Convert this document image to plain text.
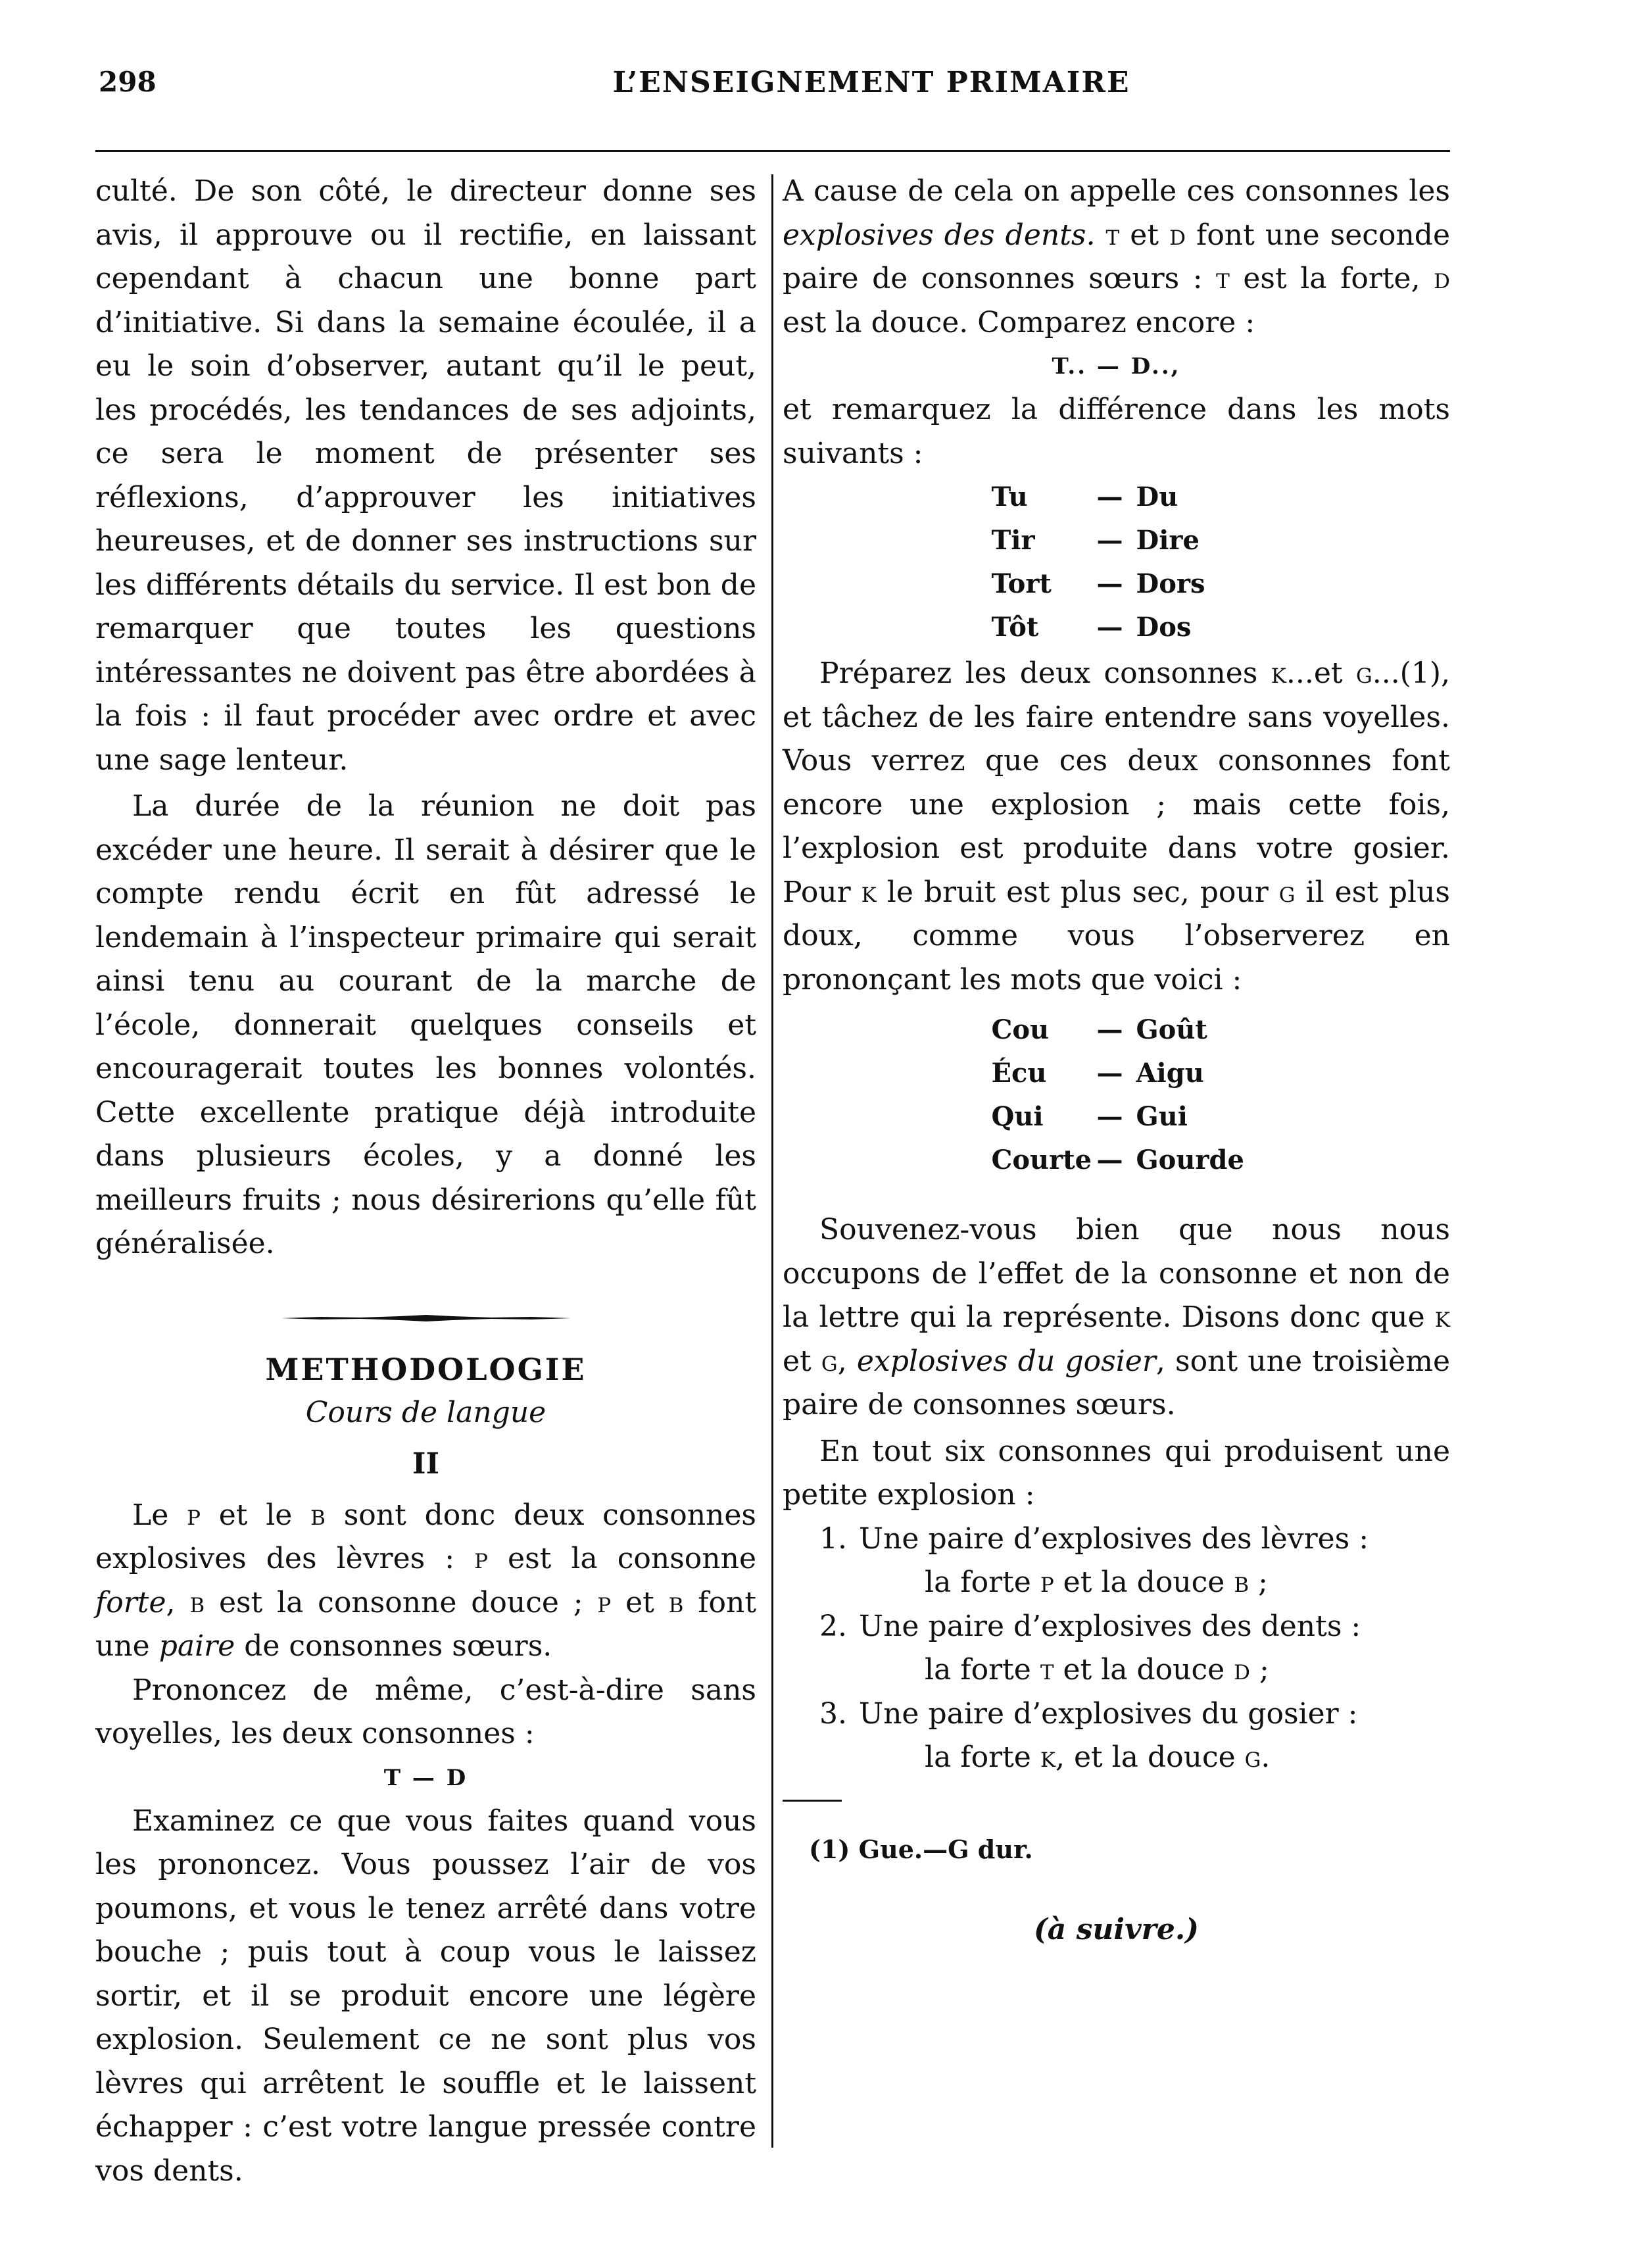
298	L’ENSEIGNEMENT PRIMAIRE

culté. De son côté, le directeur donne ses avis, il approuve ou il rectifie, en laissant cependant à chacun une bonne part d’initiative. Si dans la semaine écoulée, il a eu le soin d’observer, autant qu’il le peut, les procédés, les tendances de ses adjoints, ce sera le moment de présenter ses réflexions, d’approuver les initiatives heureuses, et de donner ses instructions sur les différents détails du service. Il est bon de remarquer que toutes les questions intéressantes ne doivent pas être abordées à la fois : il faut procéder avec ordre et avec une sage lenteur.

La durée de la réunion ne doit pas excéder une heure. Il serait à désirer que le compte rendu écrit en fût adressé le lendemain à l’inspecteur primaire qui serait ainsi tenu au courant de la marche de l’école, donnerait quelques conseils et encouragerait toutes les bonnes volontés. Cette excellente pratique déjà introduite dans plusieurs écoles, y a donné les meilleurs fruits ; nous désirerions qu’elle fût généralisée.

METHODOLOGIE
Cours de langue
II

Le p et le b sont donc deux consonnes explosives des lèvres : p est la consonne forte, b est la consonne douce ; p et b font une paire de consonnes sœurs.

Prononcez de même, c’est-à-dire sans voyelles, les deux consonnes :

T — D

Examinez ce que vous faites quand vous les prononcez. Vous poussez l’air de vos poumons, et vous le tenez arrêté dans votre bouche ; puis tout à coup vous le laissez sortir, et il se produit encore une légère explosion. Seulement ce ne sont plus vos lèvres qui arrêtent le souffle et le laissent échapper : c’est votre langue pressée contre vos dents.

A cause de cela on appelle ces consonnes les explosives des dents. t et d font une seconde paire de consonnes sœurs : t est la forte, d est la douce. Comparez encore :

T.. — D..,

et remarquez la différence dans les mots suivants :

Tu	— Du
Tir	— Dire
Tort	— Dors
Tôt	— Dos

Préparez les deux consonnes k...et g...(1), et tâchez de les faire entendre sans voyelles. Vous verrez que ces deux consonnes font encore une explosion ; mais cette fois, l’explosion est produite dans votre gosier. Pour k le bruit est plus sec, pour g il est plus doux, comme vous l’observerez en prononçant les mots que voici :

Cou	— Goût
Écu	— Aigu
Qui	— Gui
Courte — Gourde

Souvenez-vous bien que nous nous occupons de l’effet de la consonne et non de la lettre qui la représente. Disons donc que k et g, explosives du gosier, sont une troisième paire de consonnes sœurs.

En tout six consonnes qui produisent une petite explosion :

1. Une paire d’explosives des lèvres :
la forte p et la douce b ;
2. Une paire d’explosives des dents :
la forte t et la douce d ;
3. Une paire d’explosives du gosier :
la forte k, et la douce g.
(1) Gue.—G dur.
(à suivre.)
